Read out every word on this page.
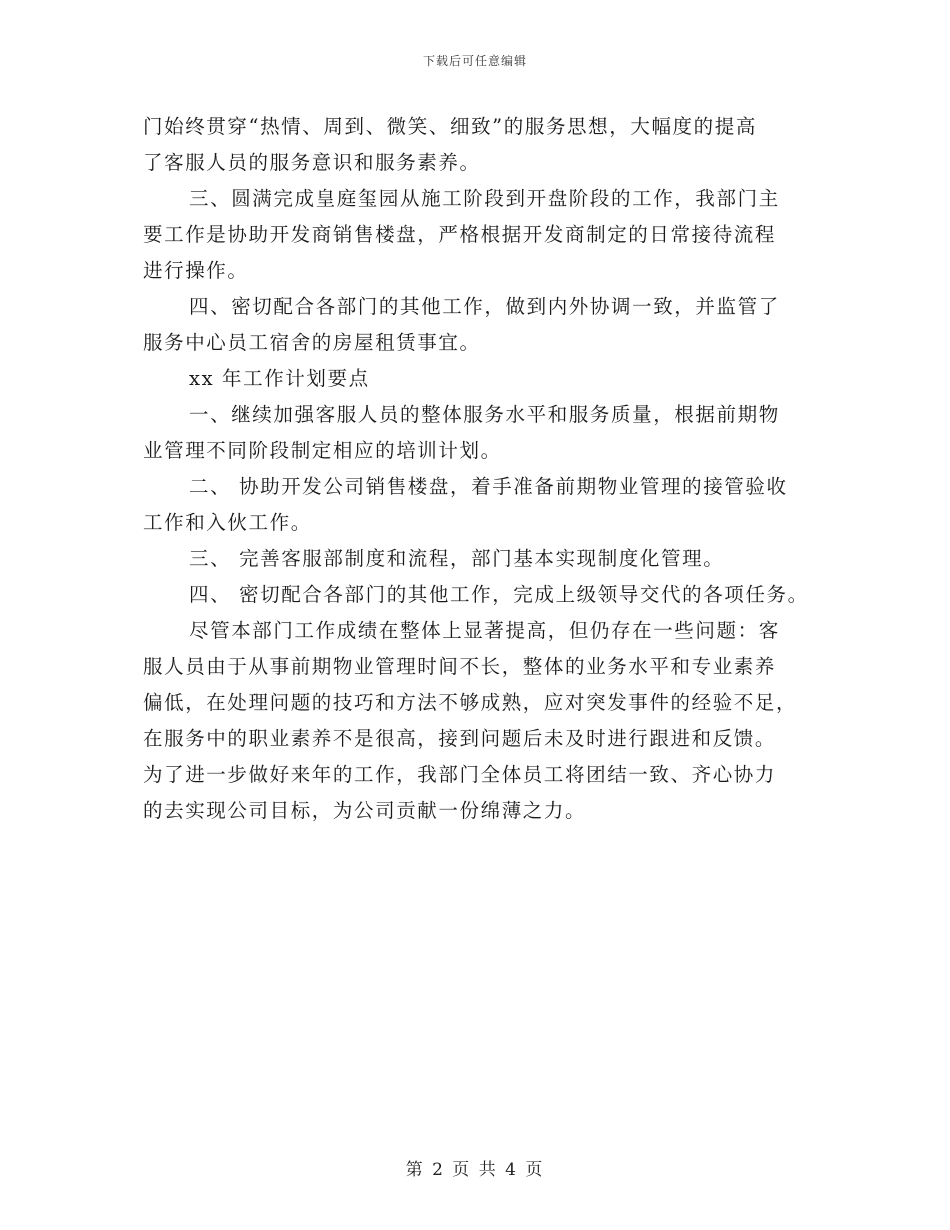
下载后可任意编辑
门始终贯穿“热情、周到、微笑、细致”的服务思想，大幅度的提高
了客服人员的服务意识和服务素养。
三、圆满完成皇庭玺园从施工阶段到开盘阶段的工作，我部门主
要工作是协助开发商销售楼盘，严格根据开发商制定的日常接待流程
进行操作。
四、密切配合各部门的其他工作，做到内外协调一致，并监管了
服务中心员工宿舍的房屋租赁事宜。
xx 年工作计划要点
一、继续加强客服人员的整体服务水平和服务质量，根据前期物
业管理不同阶段制定相应的培训计划。
二、 协助开发公司销售楼盘，着手准备前期物业管理的接管验收
工作和入伙工作。
三、 完善客服部制度和流程，部门基本实现制度化管理。
四、 密切配合各部门的其他工作，完成上级领导交代的各项任务。
尽管本部门工作成绩在整体上显著提高，但仍存在一些问题：客
服人员由于从事前期物业管理时间不长，整体的业务水平和专业素养
偏低，在处理问题的技巧和方法不够成熟，应对突发事件的经验不足，
在服务中的职业素养不是很高，接到问题后未及时进行跟进和反馈。
为了进一步做好来年的工作，我部门全体员工将团结一致、齐心协力
的去实现公司目标，为公司贡献一份绵薄之力。
第 2 页 共 4 页
